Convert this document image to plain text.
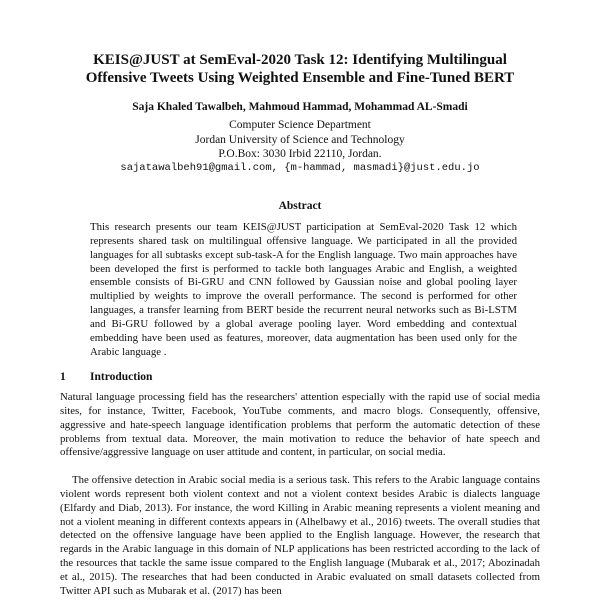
KEIS@JUST at SemEval-2020 Task 12: Identifying Multilingual
Offensive Tweets Using Weighted Ensemble and Fine-Tuned BERT
Saja Khaled Tawalbeh, Mahmoud Hammad, Mohammad AL-Smadi
Computer Science Department
Jordan University of Science and Technology
P.O.Box: 3030 Irbid 22110, Jordan.
sajatawalbeh91@gmail.com, {m-hammad, masmadi}@just.edu.jo
Abstract

This research presents our team KEIS@JUST participation at SemEval-2020 Task 12 which represents shared task on multilingual offensive language. We participated in all the provided languages for all subtasks except sub-task-A for the English language. Two main approaches have been developed the first is performed to tackle both languages Arabic and English, a weighted ensemble consists of Bi-GRU and CNN followed by Gaussian noise and global pooling layer multiplied by weights to improve the overall performance. The second is performed for other languages, a transfer learning from BERT beside the recurrent neural networks such as Bi-LSTM and Bi-GRU followed by a global average pooling layer. Word embedding and contextual embedding have been used as features, moreover, data augmentation has been used only for the Arabic language .

1 Introduction

Natural language processing field has the researchers' attention especially with the rapid use of social media sites, for instance, Twitter, Facebook, YouTube comments, and macro blogs. Consequently, offensive, aggressive and hate-speech language identification problems that perform the automatic detection of these problems from textual data. Moreover, the main motivation to reduce the behavior of hate speech and offensive/aggressive language on user attitude and content, in particular, on social media.

The offensive detection in Arabic social media is a serious task. This refers to the Arabic language contains violent words represent both violent context and not a violent context besides Arabic is dialects language (Elfardy and Diab, 2013). For instance, the word Killing in Arabic meaning represents a violent meaning and not a violent meaning in different contexts appears in (Alhelbawy et al., 2016) tweets. The overall studies that detected on the offensive language have been applied to the English language. However, the research that regards in the Arabic language in this domain of NLP applications has been restricted according to the lack of the resources that tackle the same issue compared to the English language (Mubarak et al., 2017; Abozinadah et al., 2015). The researches that had been conducted in Arabic evaluated on small datasets collected from Twitter API such as Mubarak et al. (2017) has been
